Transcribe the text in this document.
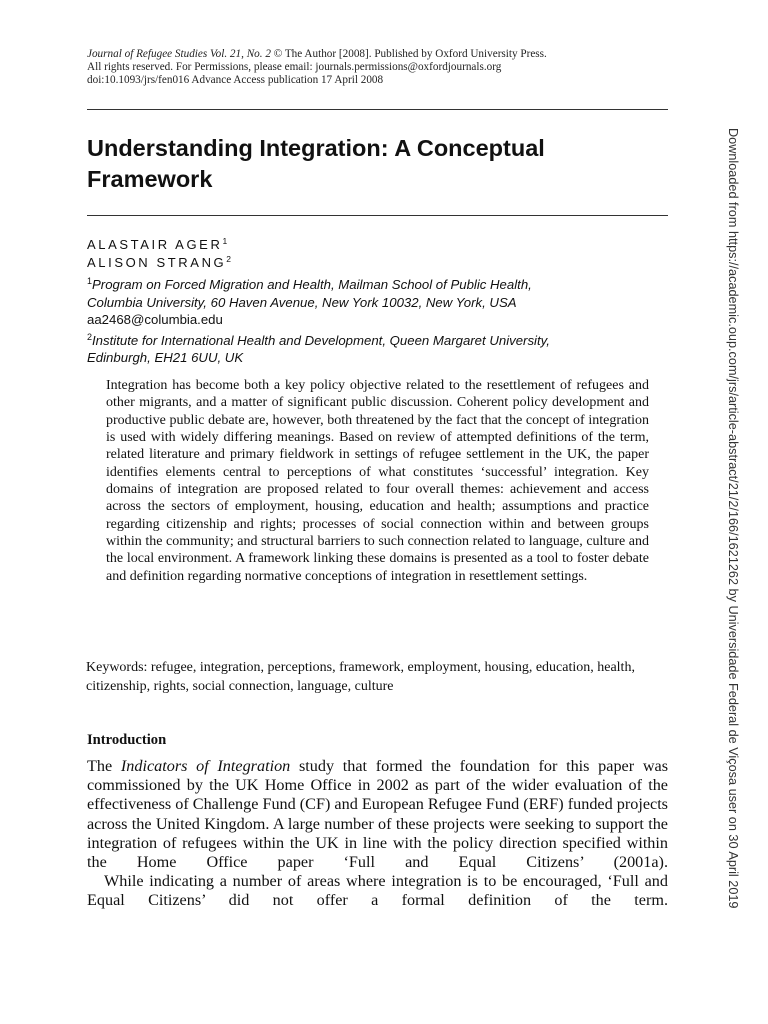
Journal of Refugee Studies Vol. 21, No. 2 © The Author [2008]. Published by Oxford University Press.
All rights reserved. For Permissions, please email: journals.permissions@oxfordjournals.org
doi:10.1093/jrs/fen016 Advance Access publication 17 April 2008
Understanding Integration: A Conceptual Framework
ALASTAIR AGER$^1$
ALISON STRANG$^2$
$^1$Program on Forced Migration and Health, Mailman School of Public Health,
Columbia University, 60 Haven Avenue, New York 10032, New York, USA
aa2468@columbia.edu
$^2$Institute for International Health and Development, Queen Margaret University,
Edinburgh, EH21 6UU, UK
Integration has become both a key policy objective related to the resettlement of refugees and other migrants, and a matter of significant public discussion. Coherent policy development and productive public debate are, however, both threatened by the fact that the concept of integration is used with widely differing meanings. Based on review of attempted definitions of the term, related literature and primary fieldwork in settings of refugee settlement in the UK, the paper identifies elements central to perceptions of what constitutes ‘successful’ integration. Key domains of integration are proposed related to four overall themes: achievement and access across the sectors of employment, housing, education and health; assumptions and practice regarding citizenship and rights; processes of social connection within and between groups within the community; and structural barriers to such connection related to language, culture and the local environment. A framework linking these domains is presented as a tool to foster debate and definition regarding normative conceptions of integration in resettlement settings.
Keywords: refugee, integration, perceptions, framework, employment, housing, education, health, citizenship, rights, social connection, language, culture
Introduction

The Indicators of Integration study that formed the foundation for this paper was commissioned by the UK Home Office in 2002 as part of the wider evaluation of the effectiveness of Challenge Fund (CF) and European Refugee Fund (ERF) funded projects across the United Kingdom. A large number of these projects were seeking to support the integration of refugees within the UK in line with the policy direction specified within the Home Office paper ‘Full and Equal Citizens’ (2001a).

While indicating a number of areas where integration is to be encouraged, ‘Full and Equal Citizens’ did not offer a formal definition of the term.	Downloaded from https://academic.oup.com/jrs/article-abstract/21/2/166/1621262 by Universidade Federal de Viçosa user on 30 April 2019
